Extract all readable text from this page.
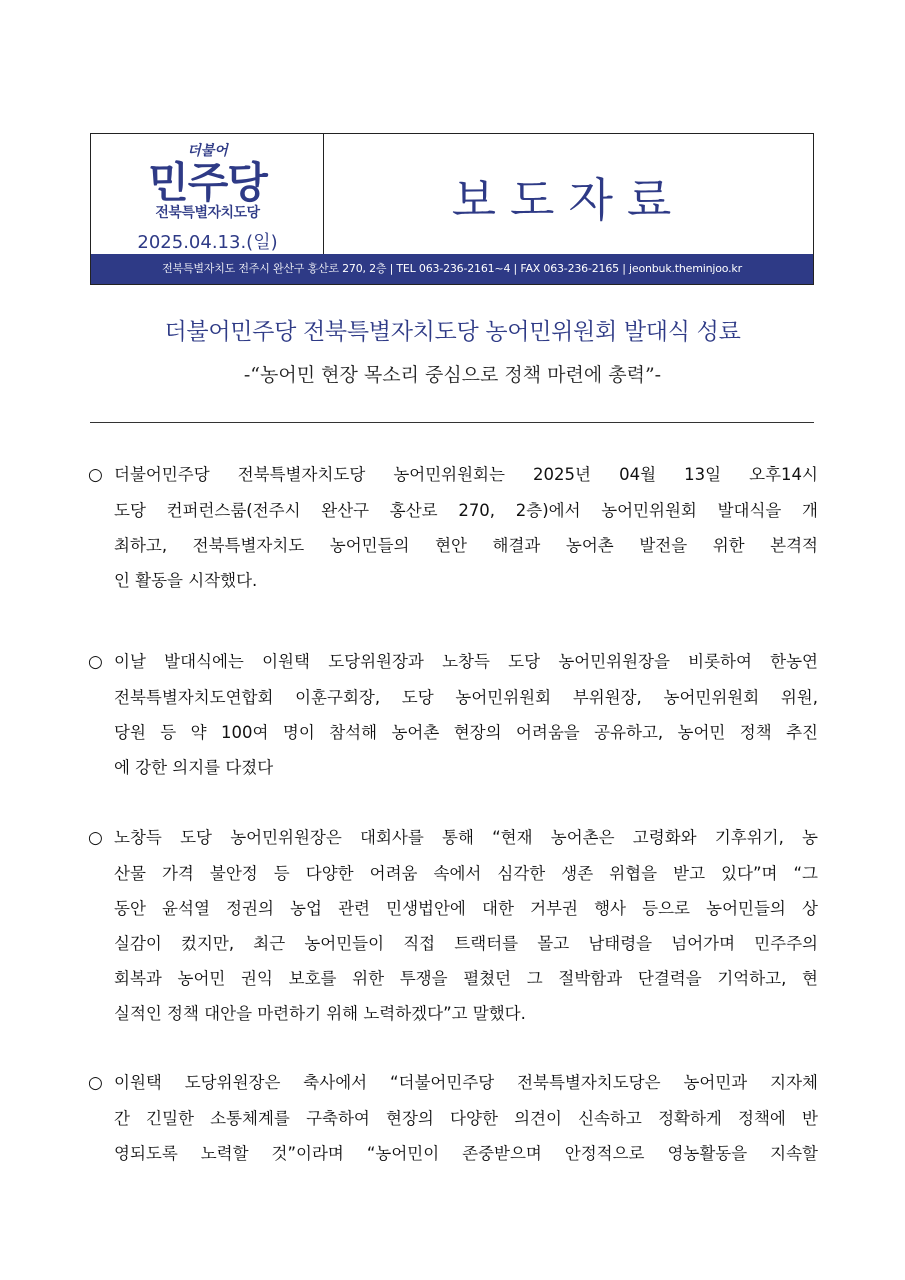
더불어
민주당
전북특별자치도당
2025.04.13.(일)
보도자료
전북특별자치도 전주시 완산구 홍산로 270, 2층 | TEL 063-236-2161~4 | FAX 063-236-2165 | jeonbuk.theminjoo.kr
더불어민주당 전북특별자치도당 농어민위원회 발대식 성료
-“농어민 현장 목소리 중심으로 정책 마련에 총력”-
○ 더불어민주당 전북특별자치도당 농어민위원회는 2025년 04월 13일 오후14시
도당 컨퍼런스룸(전주시 완산구 홍산로 270, 2층)에서 농어민위원회 발대식을 개
최하고, 전북특별자치도 농어민들의 현안 해결과 농어촌 발전을 위한 본격적
인 활동을 시작했다.
○ 이날 발대식에는 이원택 도당위원장과 노창득 도당 농어민위원장을 비롯하여 한농연
전북특별자치도연합회 이훈구회장, 도당 농어민위원회 부위원장, 농어민위원회 위원,
당원 등 약 100여 명이 참석해 농어촌 현장의 어려움을 공유하고, 농어민 정책 추진
에 강한 의지를 다졌다
○ 노창득 도당 농어민위원장은 대회사를 통해 “현재 농어촌은 고령화와 기후위기, 농
산물 가격 불안정 등 다양한 어려움 속에서 심각한 생존 위협을 받고 있다”며 “그
동안 윤석열 정권의 농업 관련 민생법안에 대한 거부권 행사 등으로 농어민들의 상
실감이 컸지만, 최근 농어민들이 직접 트랙터를 몰고 남태령을 넘어가며 민주주의
회복과 농어민 권익 보호를 위한 투쟁을 펼쳤던 그 절박함과 단결력을 기억하고, 현
실적인 정책 대안을 마련하기 위해 노력하겠다”고 말했다.
○ 이원택 도당위원장은 축사에서 “더불어민주당 전북특별자치도당은 농어민과 지자체
간 긴밀한 소통체계를 구축하여 현장의 다양한 의견이 신속하고 정확하게 정책에 반
영되도록 노력할 것”이라며 “농어민이 존중받으며 안정적으로 영농활동을 지속할
